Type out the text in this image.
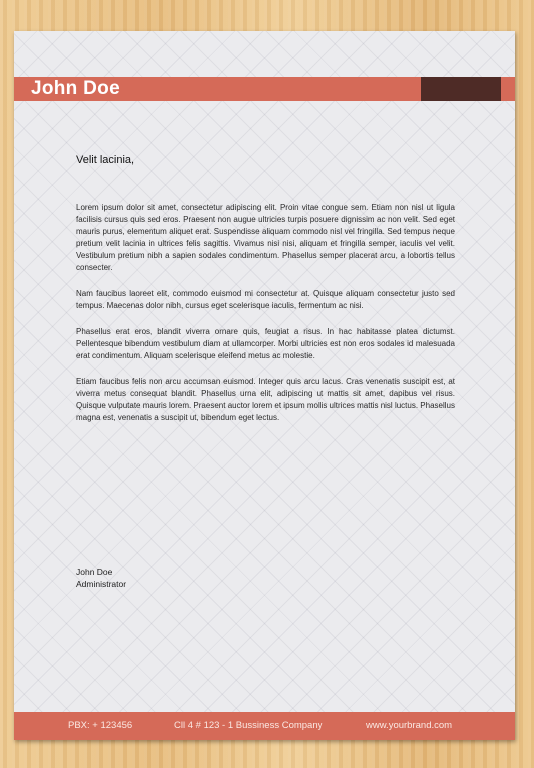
John Doe
Velit lacinia,

Lorem ipsum dolor sit amet, consectetur adipiscing elit. Proin vitae congue sem. Etiam non nisl ut ligula facilisis cursus quis sed eros. Praesent non augue ultricies turpis posuere dignissim ac non velit. Sed eget mauris purus, elementum aliquet erat. Suspendisse aliquam commodo nisl vel fringilla. Sed tempus neque pretium velit lacinia in ultrices felis sagittis. Vivamus nisi nisi, aliquam et fringilla semper, iaculis vel velit. Vestibulum pretium nibh a sapien sodales condimentum. Phasellus semper placerat arcu, a lobortis tellus consecter.

Nam faucibus laoreet elit, commodo euismod mi consectetur at. Quisque aliquam consectetur justo sed tempus. Maecenas dolor nibh, cursus eget scelerisque iaculis, fermentum ac nisi.

Phasellus erat eros, blandit viverra ornare quis, feugiat a risus. In hac habitasse platea dictumst. Pellentesque bibendum vestibulum diam at ullamcorper. Morbi ultricies est non eros sodales id malesuada erat condimentum. Aliquam scelerisque eleifend metus ac molestie.

Etiam faucibus felis non arcu accumsan euismod. Integer quis arcu lacus. Cras venenatis suscipit est, at viverra metus consequat blandit. Phasellus urna elit, adipiscing ut mattis sit amet, dapibus vel risus. Quisque vulputate mauris lorem. Praesent auctor lorem et ipsum mollis ultrices mattis nisl luctus. Phasellus magna est, venenatis a suscipit ut, bibendum eget lectus.

John Doe
Administrator
PBX: + 123456	Cll 4 # 123 - 1 Bussiness Company	www.yourbrand.com
